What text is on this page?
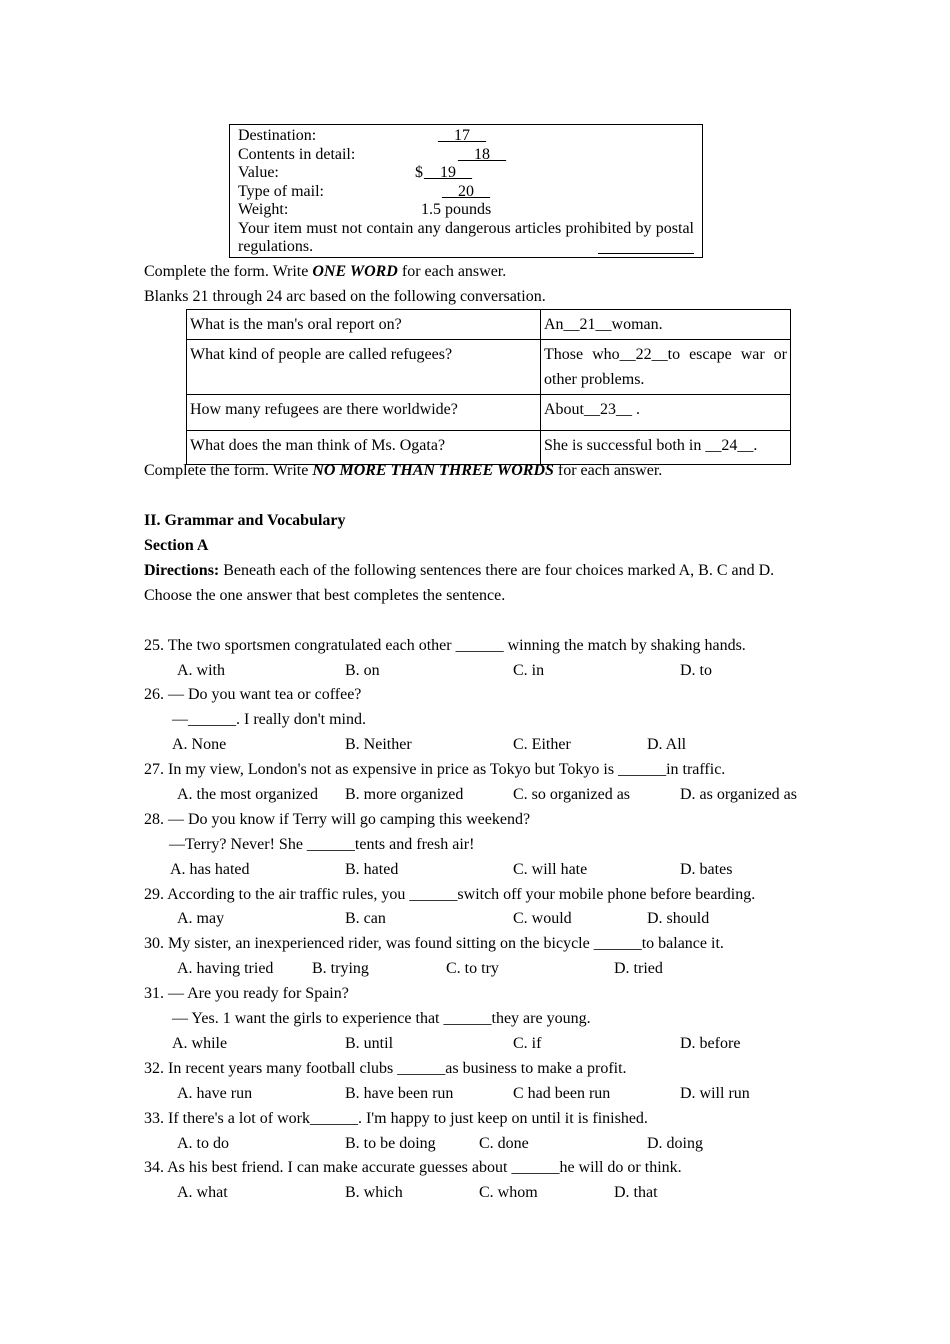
Destination:	__17__
Contents in detail:	__18__
Value:	$ __19__
Type of mail:	__20__
Weight:	1.5 pounds
Your item must not contain any dangerous articles prohibited by postal regulations.
Complete the form. Write ONE WORD for each answer.
Blanks 21 through 24 arc based on the following conversation.
What is the man's oral report on?	An__21__woman.
What kind of people are called refugees?	Those who__22__to escape war or other problems.
How many refugees are there worldwide?	About__23__ .
What does the man think of Ms. Ogata?	She is successful both in __24__.
Complete the form. Write NO MORE THAN THREE WORDS for each answer.
II. Grammar and Vocabulary
Section A
Directions: Beneath each of the following sentences there are four choices marked A, B. C and D.
Choose the one answer that best completes the sentence.
25. The two sportsmen congratulated each other ______ winning the match by shaking hands.
A. with	B. on	C. in	D. to
26. — Do you want tea or coffee?
—______. I really don't mind.
A. None	B. Neither	C. Either	D. All
27. In my view, London's not as expensive in price as Tokyo but Tokyo is ______in traffic.
A. the most organized B. more organized	C. so organized as	D. as organized as
28. — Do you know if Terry will go camping this weekend?
—Terry? Never! She ______tents and fresh air!
A. has hated	B. hated	C. will hate	D. bates
29. According to the air traffic rules, you ______switch off your mobile phone before bearding.
A. may	B. can	C. would	D. should
30. My sister, an inexperienced rider, was found sitting on the bicycle ______to balance it.
A. having tried B. trying	C. to try	D. tried
31. — Are you ready for Spain?
— Yes. 1 want the girls to experience that ______they are young.
A. while	B. until	C. if	D. before
32. In recent years many football clubs ______as business to make a profit.
A. have run	B. have been run	C had been run	D. will run
33. If there's a lot of work______. I'm happy to just keep on until it is finished.
A. to do	B. to be doing	C. done	D. doing
34. As his best friend. I can make accurate guesses about ______he will do or think.
A. what	B. which	C. whom	D. that
